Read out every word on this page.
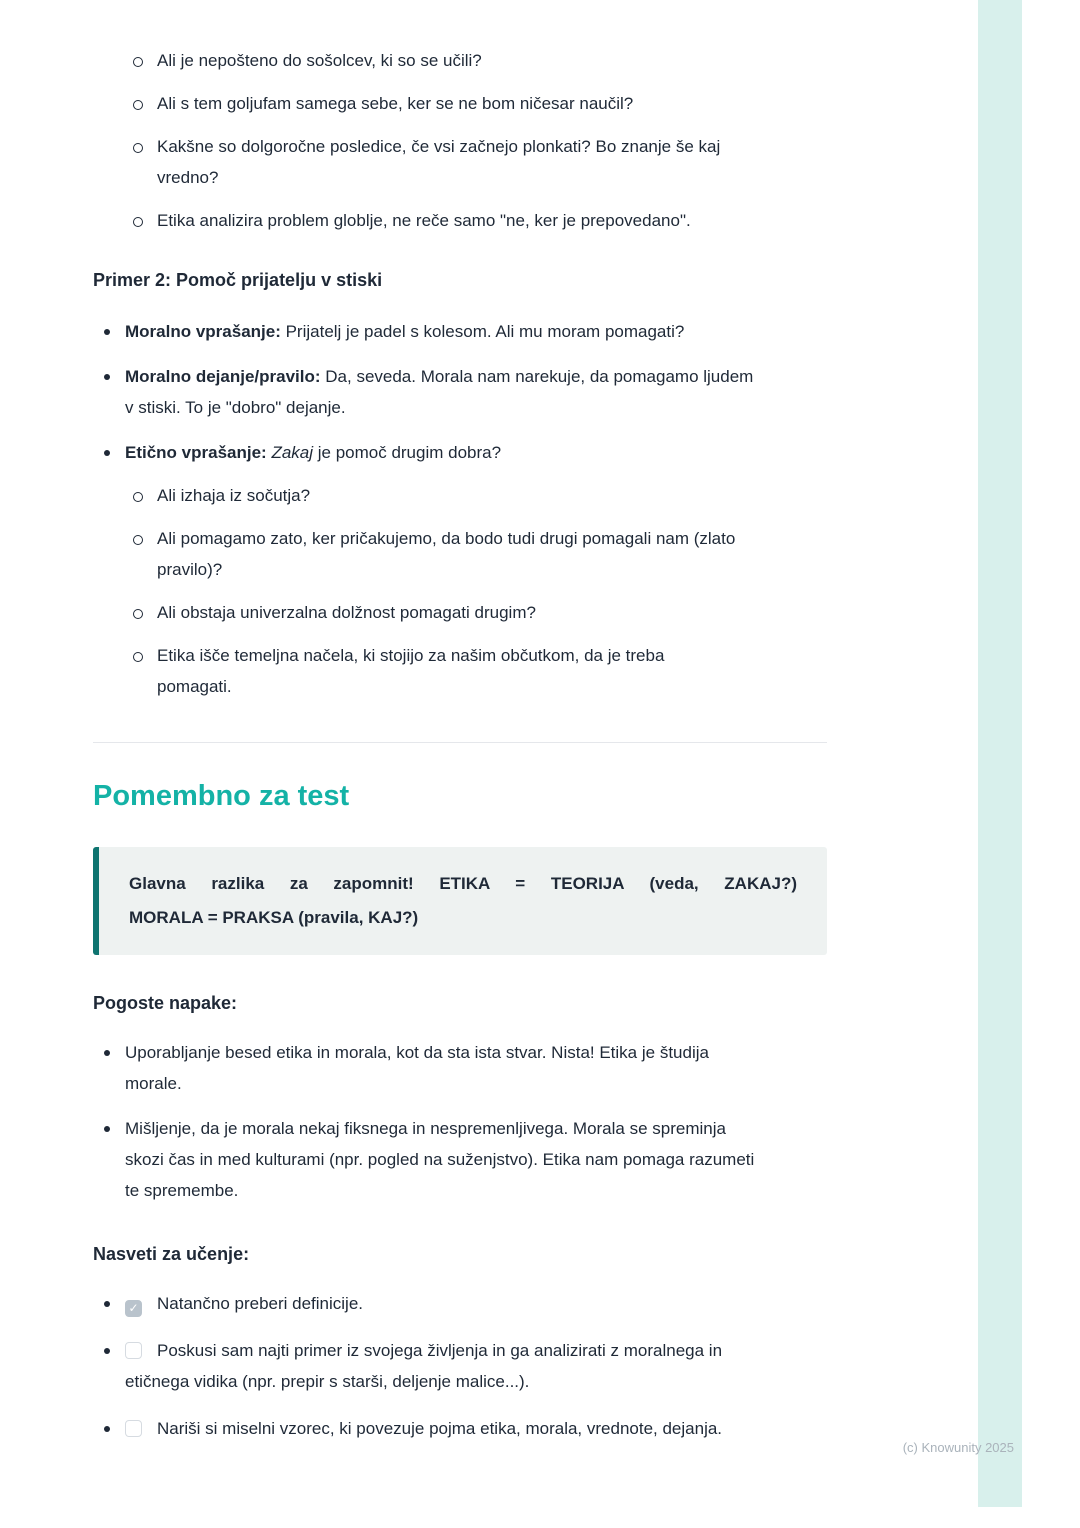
Ali je nepošteno do sošolcev, ki so se učili?
Ali s tem goljufam samega sebe, ker se ne bom ničesar naučil?
Kakšne so dolgoročne posledice, če vsi začnejo plonkati? Bo znanje še kaj vredno?
Etika analizira problem globlje, ne reče samo "ne, ker je prepovedano".
Primer 2: Pomoč prijatelju v stiski
Moralno vprašanje: Prijatelj je padel s kolesom. Ali mu moram pomagati?
Moralno dejanje/pravilo: Da, seveda. Morala nam narekuje, da pomagamo ljudem v stiski. To je "dobro" dejanje.
Etično vprašanje: Zakaj je pomoč drugim dobra?
Ali izhaja iz sočutja?
Ali pomagamo zato, ker pričakujemo, da bodo tudi drugi pomagali nam (zlato pravilo)?
Ali obstaja univerzalna dolžnost pomagati drugim?
Etika išče temeljna načela, ki stojijo za našim občutkom, da je treba pomagati.
Pomembno za test

Glavna razlika za zapomnit! ETIKA = TEORIJA (veda, ZAKAJ?)

MORALA = PRAKSA (pravila, KAJ?)

Pogoste napake:

Uporabljanje besed etika in morala, kot da sta ista stvar. Nista! Etika je študija morale.
Mišljenje, da je morala nekaj fiksnega in nespremenljivega. Morala se spreminja skozi čas in med kulturami (npr. pogled na suženjstvo). Etika nam pomaga razumeti te spremembe.

Nasveti za učenje:

✓ Natančno preberi definicije.
Poskusi sam najti primer iz svojega življenja in ga analizirati z moralnega in etičnega vidika (npr. prepir s starši, deljenje malice...).
Nariši si miselni vzorec, ki povezuje pojma etika, morala, vrednote, dejanja.
(c) Knowunity 2025
